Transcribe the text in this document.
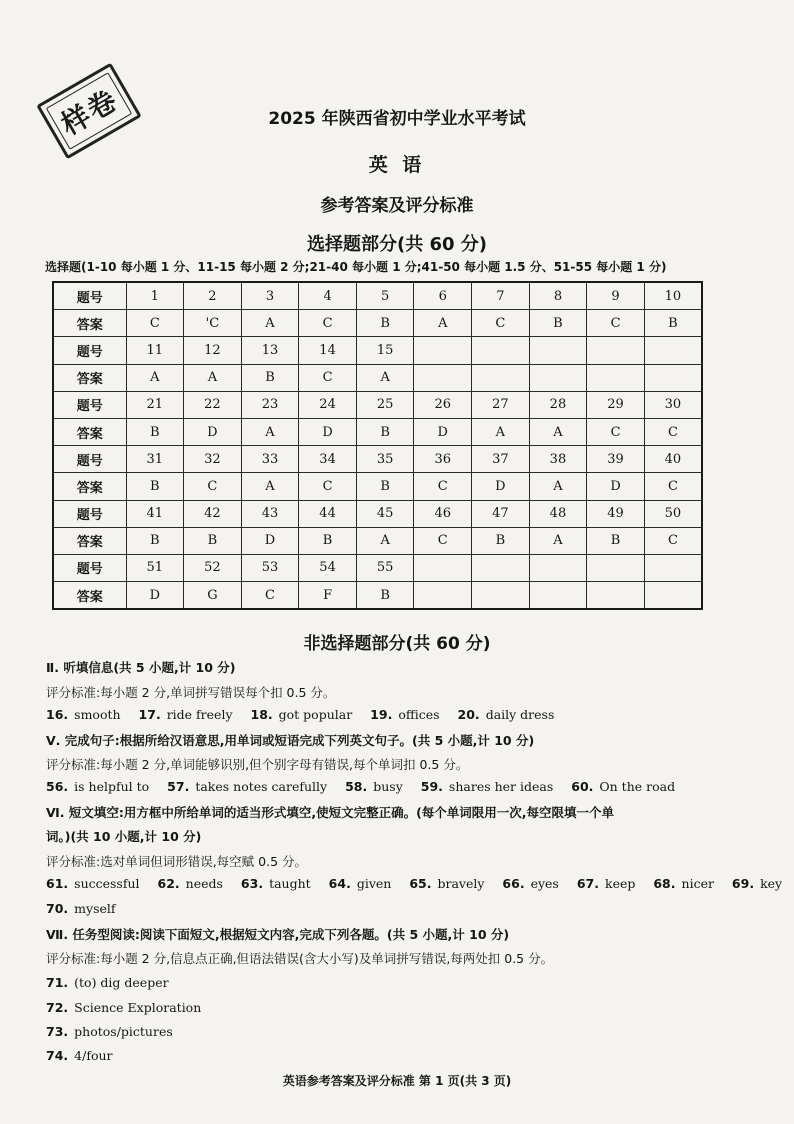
样卷	2025 年陕西省初中学业水平考试
英 语
参考答案及评分标准
选择题部分(共 60 分)
选择题(1-10 每小题 1 分、11-15 每小题 2 分;21-40 每小题 1 分;41-50 每小题 1.5 分、51-55 每小题 1 分)
题号	1	2	3	4	5	6	7	8	9	10
答案	C	'C	A	C	B	A	C	B	C	B
题号	11	12	13	14	15					
答案	A	A	B	C	A					
题号	21	22	23	24	25	26	27	28	29	30
答案	B	D	A	D	B	D	A	A	C	C
题号	31	32	33	34	35	36	37	38	39	40
答案	B	C	A	C	B	C	D	A	D	C
题号	41	42	43	44	45	46	47	48	49	50
答案	B	B	D	B	A	C	B	A	B	C
题号	51	52	53	54	55					
答案	D	G	C	F	B					
非选择题部分(共 60 分)
Ⅱ. 听填信息(共 5 小题,计 10 分)
评分标准:每小题 2 分,单词拼写错误每个扣 0.5 分。
16. smooth 17. ride freely 18. got popular 19. offices 20. daily dress
Ⅴ. 完成句子:根据所给汉语意思,用单词或短语完成下列英文句子。(共 5 小题,计 10 分)
评分标准:每小题 2 分,单词能够识别,但个别字母有错误,每个单词扣 0.5 分。
56. is helpful to 57. takes notes carefully 58. busy 59. shares her ideas 60. On the road
Ⅵ. 短文填空:用方框中所给单词的适当形式填空,使短文完整正确。(每个单词限用一次,每空限填一个单
词。)(共 10 小题,计 10 分)
评分标准:选对单词但词形错误,每空赋 0.5 分。
61. successful 62. needs 63. taught 64. given 65. bravely 66. eyes 67. keep 68. nicer 69. key
70. myself
Ⅶ. 任务型阅读:阅读下面短文,根据短文内容,完成下列各题。(共 5 小题,计 10 分)
评分标准:每小题 2 分,信息点正确,但语法错误(含大小写)及单词拼写错误,每两处扣 0.5 分。
71. (to) dig deeper
72. Science Exploration
73. photos/pictures
74. 4/four
英语参考答案及评分标准 第 1 页(共 3 页)
